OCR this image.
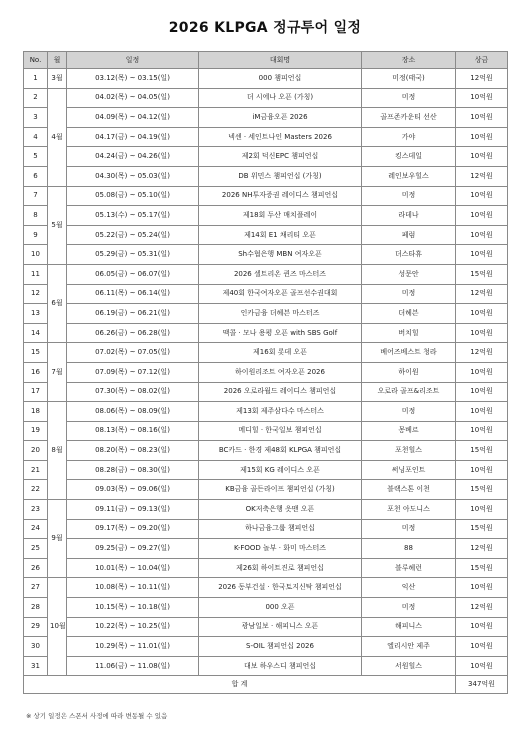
2026 KLPGA 정규투어 일정
No.	월	일정	대회명	장소	상금
1	3월	03.12(목) ~ 03.15(일)	000 챔피언십	미정(태국)	12억원
2	4월	04.02(목) ~ 04.05(일)	더 시에나 오픈 (가칭)	미정	10억원
3		04.09(목) ~ 04.12(일)	iM금융오픈 2026	골프존카운티 선산	10억원
4		04.17(금) ~ 04.19(일)	넥센 · 세인트나인 Masters 2026	가야	10억원
5		04.24(금) ~ 04.26(일)	제2회 덕신EPC 챔피언십	킹스데일	10억원
6		04.30(목) ~ 05.03(일)	DB 위민스 챔피언십 (가칭)	레인보우힐스	12억원
7	5월	05.08(금) ~ 05.10(일)	2026 NH투자증권 레이디스 챔피언십	미정	10억원
8		05.13(수) ~ 05.17(일)	제18회 두산 매치플레이	라데나	10억원
9		05.22(금) ~ 05.24(일)	제14회 E1 채리티 오픈	페럼	10억원
10		05.29(금) ~ 05.31(일)	Sh수협은행 MBN 여자오픈	더스타휴	10억원
11	6월	06.05(금) ~ 06.07(일)	2026 셀트리온 퀸즈 마스터즈	성문안	15억원
12		06.11(목) ~ 06.14(일)	제40회 한국여자오픈 골프선수권대회	미정	12억원
13		06.19(금) ~ 06.21(일)	인카금융 더헤븐 마스터즈	더헤븐	10억원
14		06.26(금) ~ 06.28(일)	맥콜 · 모나 용평 오픈 with SBS Golf	버치힐	10억원
15	7월	07.02(목) ~ 07.05(일)	제16회 롯데 오픈	베어즈베스트 청라	12억원
16		07.09(목) ~ 07.12(일)	하이원리조트 여자오픈 2026	하이원	10억원
17		07.30(목) ~ 08.02(일)	2026 오로라월드 레이디스 챔피언십	오로라 골프&리조트	10억원
18	8월	08.06(목) ~ 08.09(일)	제13회 제주삼다수 마스터스	미정	10억원
19		08.13(목) ~ 08.16(일)	메디힐 · 한국일보 챔피언십	몽베르	10억원
20		08.20(목) ~ 08.23(일)	BC카드 · 한경 제48회 KLPGA 챔피언십	포천힐스	15억원
21		08.28(금) ~ 08.30(일)	제15회 KG 레이디스 오픈	써닝포인트	10억원
22		09.03(목) ~ 09.06(일)	KB금융 골든라이프 챔피언십 (가칭)	블랙스톤 이천	15억원
23	9월	09.11(금) ~ 09.13(일)	OK저축은행 읏맨 오픈	포천 아도니스	10억원
24		09.17(목) ~ 09.20(일)	하나금융그룹 챔피언십	미정	15억원
25		09.25(금) ~ 09.27(일)	K-FOOD 놀부 · 화미 마스터즈	88	12억원
26		10.01(목) ~ 10.04(일)	제26회 하이트진로 챔피언십	블루헤런	15억원
27	10월	10.08(목) ~ 10.11(일)	2026 동부건설 · 한국토지신탁 챔피언십	익산	10억원
28		10.15(목) ~ 10.18(일)	000 오픈	미정	12억원
29		10.22(목) ~ 10.25(일)	광남일보 · 해피니스 오픈	해피니스	10억원
30		10.29(목) ~ 11.01(일)	S-OIL 챔피언십 2026	엘리시안 제주	10억원
31		11.06(금) ~ 11.08(일)	대보 하우스디 챔피언십	서원힐스	10억원
합 계					347억원
※ 상기 일정은 스폰서 사정에 따라 변동될 수 있음
